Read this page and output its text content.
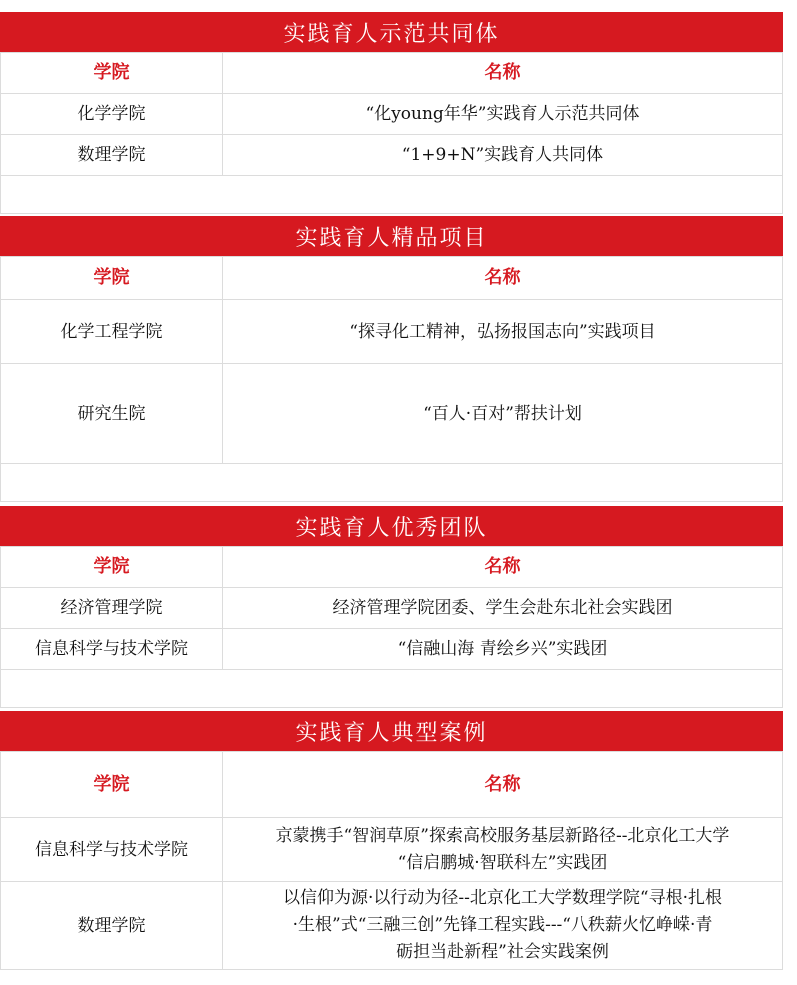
实践育人示范共同体
学院	名称
化学学院	“化young年华”实践育人示范共同体
数理学院	“1+9+N”实践育人共同体
实践育人精品项目
学院	名称
化学工程学院	“探寻化工精神，弘扬报国志向”实践项目
研究生院	“百人·百对”帮扶计划
实践育人优秀团队
学院	名称
经济管理学院	经济管理学院团委、学生会赴东北社会实践团
信息科学与技术学院	“信融山海 青绘乡兴”实践团
实践育人典型案例
学院	名称
信息科学与技术学院	京蒙携手“智润草原”探索高校服务基层新路径--北京化工大学
“信启鹏城·智联科左”实践团

数理学院	以信仰为源·以行动为径--北京化工大学数理学院“寻根·扎根
·生根”式“三融三创”先锋工程实践---“八秩薪火忆峥嵘·青
砺担当赴新程”社会实践案例
